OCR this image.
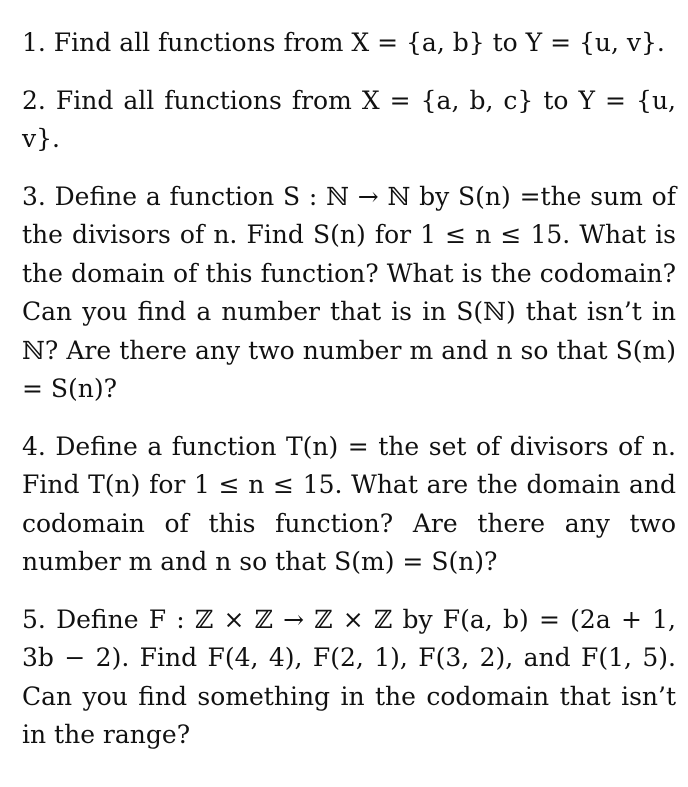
1. Find all functions from X = {a, b} to Y = {u, v}.

2. Find all functions from X = {a, b, c} to Y = {u, v}.

3. Define a function S : ℕ → ℕ by S(n) =the sum of the divisors of n. Find S(n) for 1 ≤ n ≤ 15. What is the domain of this function? What is the codomain? Can you find a number that is in S(ℕ) that isn’t in ℕ? Are there any two number m and n so that S(m) = S(n)?

4. Define a function T(n) = the set of divisors of n. Find T(n) for 1 ≤ n ≤ 15. What are the domain and codomain of this function? Are there any two number m and n so that S(m) = S(n)?

5. Define F : ℤ × ℤ → ℤ × ℤ by F(a, b) = (2a + 1, 3b − 2). Find F(4, 4), F(2, 1), F(3, 2), and F(1, 5). Can you find something in the codomain that isn’t in the range?
